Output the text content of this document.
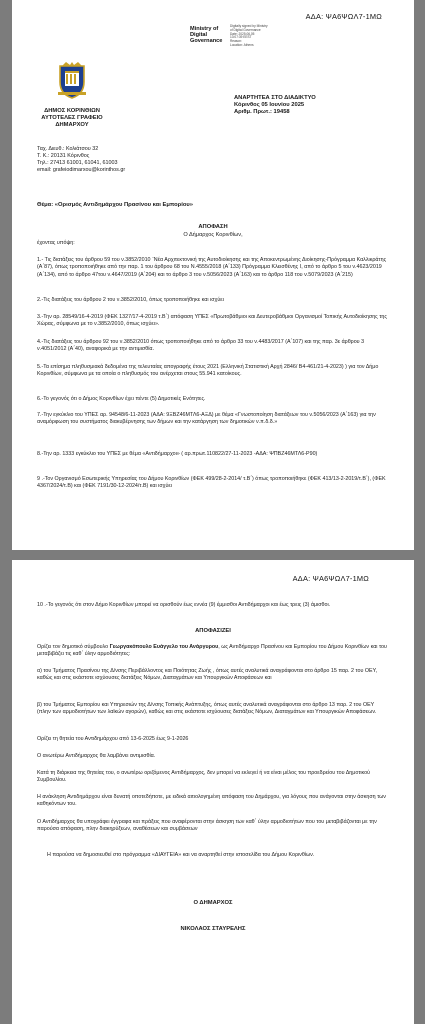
ΑΔΑ: ΨΑ6ΨΩΛ7-1ΜΩ
Ministry of
Digital
Governance
Digitally signed by Ministry
of Digital Governance
Date: 2025.06.05
13:07:39 EEST
Reason:
Location: Athens
ΔΗΜΟΣ ΚΟΡΙΝΘΙΩΝ
ΑΥΤΟΤΕΛΕΣ ΓΡΑΦΕΙΟ
ΔΗΜΑΡΧΟΥ
ΑΝΑΡΤΗΤΕΑ ΣΤΟ ΔΙΑΔΙΚΤΥΟ
Κόρινθος 05 Ιουνίου 2025
Αριθμ. Πρωτ.: 19458
Ταχ. Διευθ.: Κολιάτσου 32
Τ. Κ.: 20131 Κόρινθος
Τηλ.: 27413 61001, 61041, 61003
email: grafeiodimarxou@korinthos.gr
Θέμα: «Ορισμός Αντιδημάρχου Πρασίνου και Εμπορίου»
ΑΠΟΦΑΣΗ
Ο Δήμαρχος Κορινθίων,
έχοντας υπόψη:
1.- Τις διατάξεις του άρθρου 59 του ν.3852/2010 ¨Νέα Αρχιτεκτονική της Αυτοδιοίκησης και της Αποκεντρωμένης Διοίκησης-Πρόγραμμα Καλλικράτης (Α΄87), όπως τροποποιήθηκε από την παρ. 1 του άρθρου 68 του Ν.4555/2018 (Α΄133) Πρόγραμμα Κλεισθένης Ι, από το άρθρο 5 του ν.4623/2019 (Α΄134), από το άρθρο 47του ν.4647/2019 (Α΄204) και το άρθρο 3 του ν.5056/2023 (Α΄163) και το άρθρο 118 του ν.5079/2023 (Α΄215)
2.-Τις διατάξεις του άρθρου 2 του ν.3852/2010, όπως τροποποιήθηκε και ισχύει
3.-Την αρ. 28549/16-4-2019 (ΦΕΚ 1327/17-4-2019 τ.Β΄) απόφαση ΥΠΕΣ «Πρωτοβάθμιοι και Δευτεροβάθμιοι Οργανισμοί Τοπικής Αυτοδιοίκησης της Χώρας, σύμφωνα με το ν.3852/2010, όπως ισχύει».
4.-Τις διατάξεις του άρθρου 92 του ν.3852/2010 όπως τροποποιήθηκε από το άρθρο 33 του ν.4483/2017 (Α΄107) και της παρ. 3ε άρθρου 3 ν.4051/2012 (Α΄40), αναφορικά με την αντιμισθία.
5.-Τα επίσημα πληθυσμιακά δεδομένα της τελευταίας απογραφής έτους 2021 (Ελληνική Στατιστική Αρχή 2846/ Β4-461/21-4-2023) ) για τον Δήμο Κορινθίων, σύμφωνα με τα οποία ο πληθυσμός του ανέρχεται στους 55.941 κατοίκους.
6.-Το γεγονός ότι ο Δήμος Κορινθίων έχει πέντε (5) Δημοτικές Ενότητες.
7.-Την εγκύκλιο του ΥΠΕΣ αρ. 94548/6-11-2023 (ΑΔΑ: 9ΞΒΖ46ΜΤΛ6-ΑΞΔ) με θέμα «Γνωστοποίηση διατάξεων του ν.5056/2023 (Α΄163) για την αναμόρφωση του συστήματος διακυβέρνησης των δήμων και την κατάργηση των δημοτικών ν.π.δ.δ.»
8.-Την αρ. 1333 εγκύκλιο του ΥΠΕΣ με θέμα «Αντιδήμαρχοι» ( αρ.πρωτ.110822/27-11-2023 -ΑΔΑ: ΨΠΒΖ46ΜΤΛ6-Ρ90)
9 .-Τον Οργανισμό Εσωτερικής Υπηρεσίας του Δήμου Κορινθίων (ΦΕΚ 499/28-2-2014/ τ.Β΄) όπως τροποποιήθηκε (ΦΕΚ 413/13-2-2019/τ.Β΄), (ΦΕΚ 4367/2024/τ.Β) και (ΦΕΚ 7191/30-12-2024/τ.Β) και ισχύει
ΑΔΑ: ΨΑ6ΨΩΛ7-1ΜΩ
10 .-Το γεγονός ότι στον Δήμο Κορινθίων μπορεί να ορισθούν έως εννέα (9) έμμισθοι Αντιδήμαρχοι και έως τρεις (3) άμισθοι.
ΑΠΟΦΑΣΙΖΕΙ
Ορίζει τον δημοτικό σύμβουλο Γεωργακόπουλο Ευάγγελο του Ανάργυρου, ως Αντιδήμαρχο Πρασίνου και Εμπορίου του Δήμου Κορινθίων και του μεταβιβάζει τις καθ΄ ύλην αρμοδιότητες:
α) του Τμήματος Πρασίνου της Δ/νσης Περιβάλλοντος και Ποιότητας Ζωής , όπως αυτές αναλυτικά αναγράφονται στο άρθρο 15 παρ. 2 του ΟΕΥ, καθώς και στις εκάστοτε ισχύουσες διατάξεις Νόμων, Διαταγμάτων και Υπουργικών Αποφάσεων και
β) του Τμήματος Εμπορίου και Υπηρεσιών της Δ/νσης Τοπικής Ανάπτυξης, όπως αυτές αναλυτικά αναγράφονται στο άρθρο 13 παρ. 2 του ΟΕΥ (πλην των αρμοδιοτήτων των λαϊκών αγορών), καθώς και στις εκάστοτε ισχύουσες διατάξεις Νόμων, Διαταγμάτων και Υπουργικών Αποφάσεων.
Ορίζει τη θητεία του Αντιδημάρχου από 13-6-2025 έως 9-1-2026
Ο ανωτέρω Αντιδήμαρχος θα λαμβάνει αντιμισθία.
Κατά τη διάρκεια της θητείας του, ο ανωτέρω οριζόμενος Αντιδήμαρχος, δεν μπορεί να εκλεγεί ή να είναι μέλος του προεδρείου του Δημοτικού Συμβουλίου.
Η ανάκληση Αντιδημάρχου είναι δυνατή οποτεδήποτε, με ειδικά αιτιολογημένη απόφαση του Δημάρχου, για λόγους που ανάγονται στην άσκηση των καθηκόντων του.
Ο Αντιδήμαρχος θα υπογράφει έγγραφα και πράξεις που αναφέρονται στην άσκηση των καθ΄ ύλην αρμοδιοτήτων που του μεταβιβάζονται με την παρούσα απόφαση, πλην διακηρύξεων, αναθέσεων και συμβάσεων
Η παρούσα να δημοσιευθεί στο πρόγραμμα «ΔΙΑΥΓΕΙΑ» και να αναρτηθεί στην ιστοσελίδα του Δήμου Κορινθίων.
Ο ΔΗΜΑΡΧΟΣ
ΝΙΚΟΛΑΟΣ ΣΤΑΥΡΕΛΗΣ
